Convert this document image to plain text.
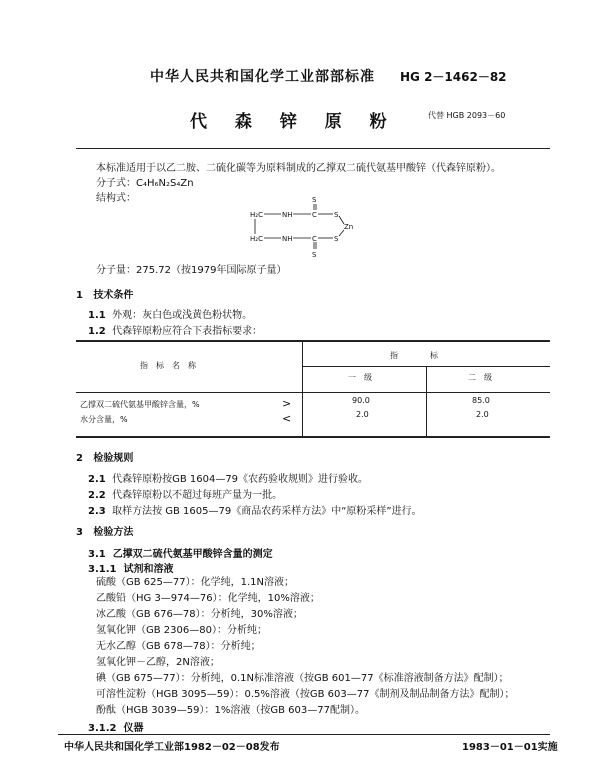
中华人民共和国化学工业部部标准 HG 2－1462－82
代 森 锌 原 粉	代替 HGB 2093－60
本标准适用于以乙二胺、二硫化碳等为原料制成的乙撑双二硫代氨基甲酸锌（代森锌原粉）。
分子式：C₄H₆N₂S₄Zn
结构式：	S
H₂C	NH	C S
Zn
H₂C	NH	C S
S
分子量：275.72（按1979年国际原子量）
1 技术条件
1.1 外观：灰白色或浅黄色粉状物。
1.2 代森锌原粉应符合下表指标要求：
指　标　名　称
指　　　　标
一　级	二　级
乙撑双二硫代氨基甲酸锌含量，%	>	90.0	85.0
水分含量，%	<	2.0	2.0
2 检验规则
2.1 代森锌原粉按GB 1604—79《农药验收规则》进行验收。
2.2 代森锌原粉以不超过每班产量为一批。
2.3 取样方法按 GB 1605—79《商品农药采样方法》中“原粉采样”进行。
3 检验方法
3.1 乙撑双二硫代氨基甲酸锌含量的测定
3.1.1 试剂和溶液
硫酸（GB 625—77）：化学纯，1.1N溶液；
乙酸铅（HG 3—974—76）：化学纯，10%溶液；
冰乙酸（GB 676—78）：分析纯，30%溶液；
氢氧化钾（GB 2306—80）：分析纯；
无水乙醇（GB 678—78）：分析纯；
氢氧化钾－乙醇，2N溶液；
碘（GB 675—77）：分析纯，0.1N标准溶液（按GB 601—77《标准溶液制备方法》配制）；
可溶性淀粉（HGB 3095—59）：0.5%溶液（按GB 603—77《制剂及制品制备方法》配制）；
酚酞（HGB 3039—59）：1%溶液（按GB 603—77配制）。
3.1.2 仪器
中华人民共和国化学工业部1982－02－08发布	1983－01－01实施
